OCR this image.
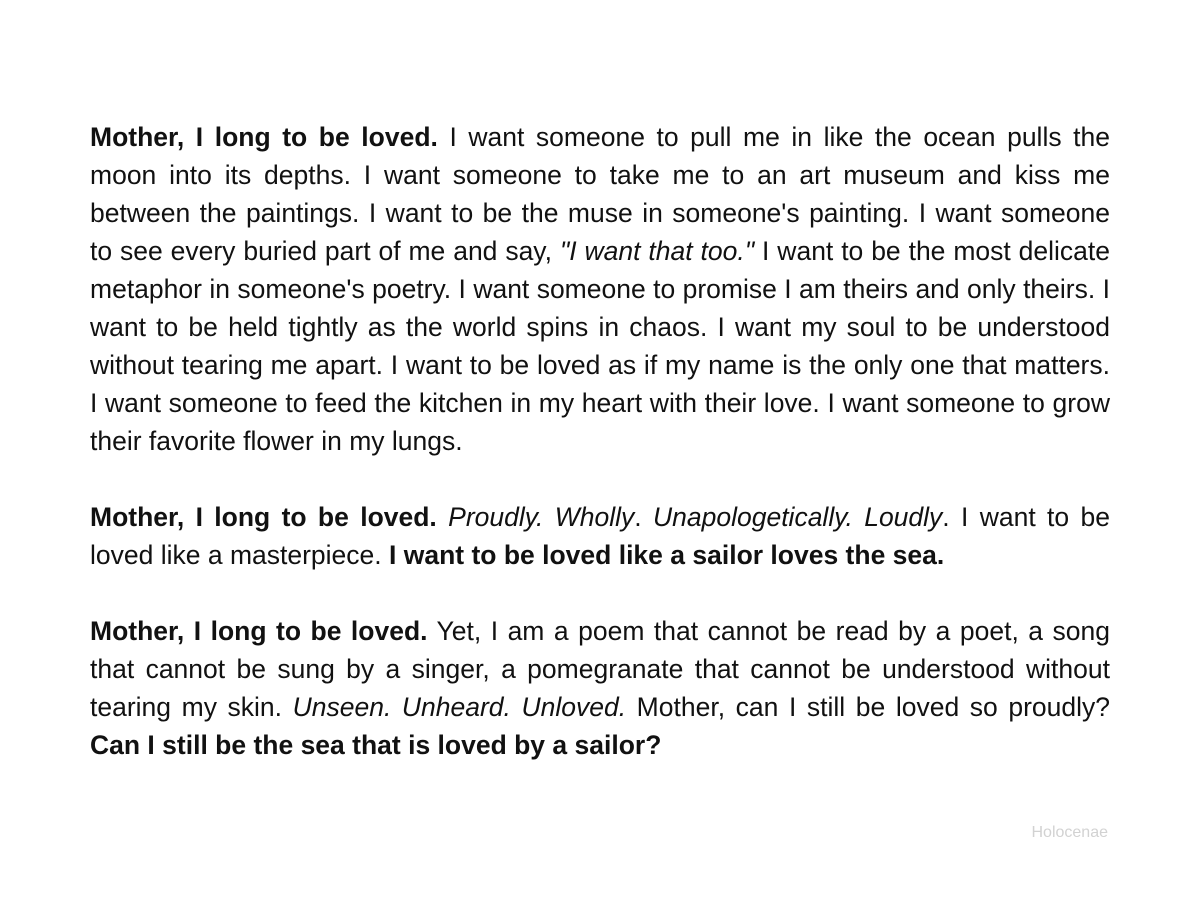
Mother, I long to be loved. I want someone to pull me in like the ocean pulls the moon into its depths. I want someone to take me to an art museum and kiss me between the paintings. I want to be the muse in someone's painting. I want someone to see every buried part of me and say, "I want that too." I want to be the most delicate metaphor in someone's poetry. I want someone to promise I am theirs and only theirs. I want to be held tightly as the world spins in chaos. I want my soul to be understood without tearing me apart. I want to be loved as if my name is the only one that matters. I want someone to feed the kitchen in my heart with their love. I want someone to grow their favorite flower in my lungs.

Mother, I long to be loved. Proudly. Wholly. Unapologetically. Loudly. I want to be loved like a masterpiece. I want to be loved like a sailor loves the sea.

Mother, I long to be loved. Yet, I am a poem that cannot be read by a poet, a song that cannot be sung by a singer, a pomegranate that cannot be understood without tearing my skin. Unseen. Unheard. Unloved. Mother, can I still be loved so proudly? Can I still be the sea that is loved by a sailor?

Holocenae
